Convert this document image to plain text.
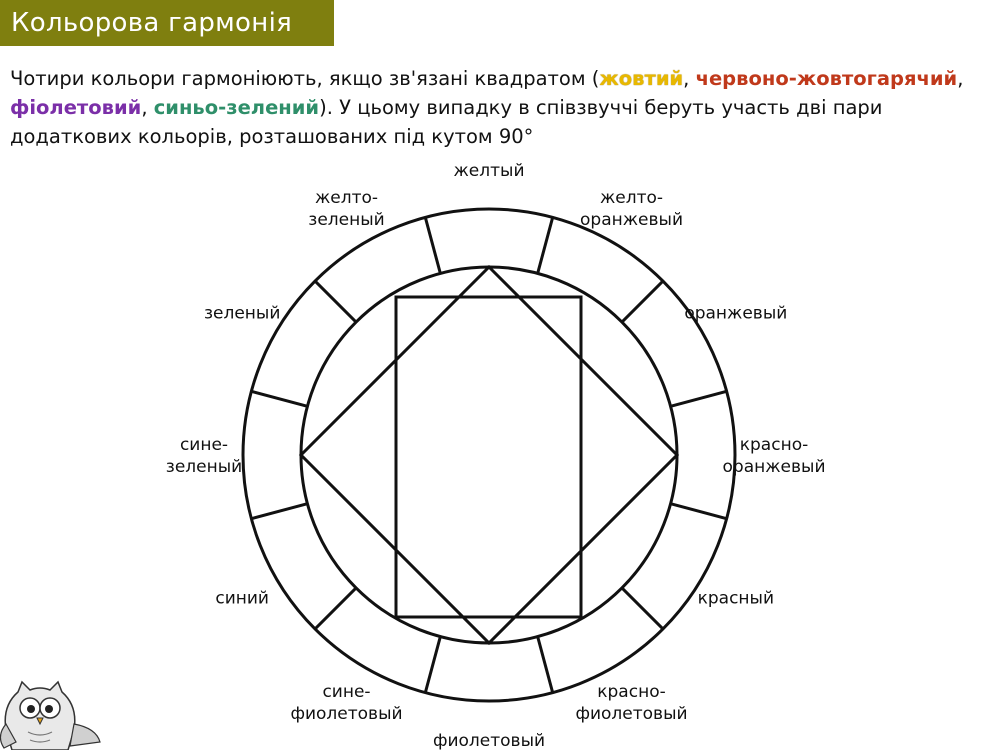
Кольорова гармонія
Чотири кольори гармоніюють, якщо зв'язані квадратом (жовтий, червоно-жовтогарячий,
фіолетовий, синьо-зелений). У цьому випадку в співзвуччі беруть участь дві пари додаткових кольорів, розташованих під кутом 90°
желтый
желто-оранжевый
оранжевый
красно-оранжевый
красный
красно-фиолетовый
фиолетовый
сине-фиолетовый
синий
сине-зеленый
зеленый
желто-зеленый
